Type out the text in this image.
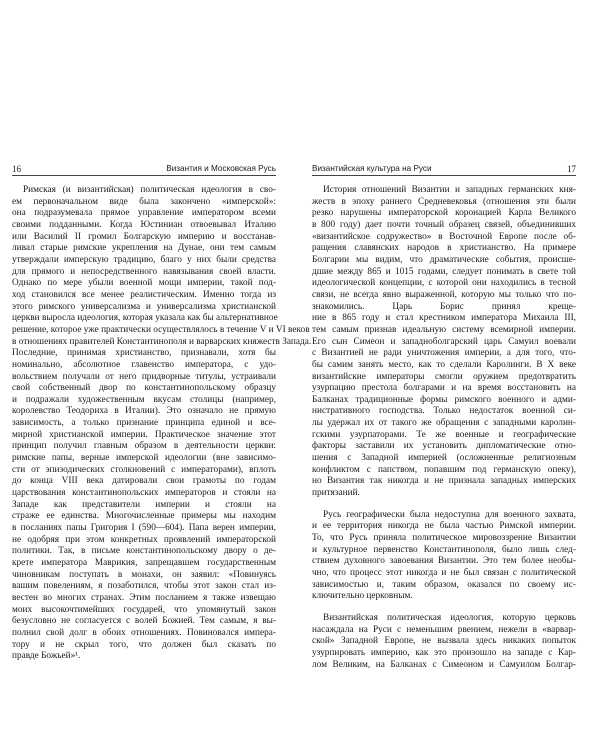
16	Византия и Московская Русь
Римская (и византийская) политическая идеология в сво-
ем первоначальном виде была закончено «имперской»:
она подразумевала прямое управление императором всеми
своими подданными. Когда Юстиниан отвоевывал Италию
или Василий II громил Болгарскую империю и восстанав-
ливал старые римские укрепления на Дунае, они тем самым
утверждали имперскую традицию, благо у них были средства
для прямого и непосредственного навязывания своей власти.
Однако по мере убыли военной мощи империи, такой под-
ход становился все менее реалистическим. Именно тогда из
этого римского универсализма и универсализма христианской
церкви выросла идеология, которая указала как бы альтернативное
решение, которое уже практически осуществлялось в течение V и VI веков
в отношениях правителей Константинополя и варварских княжеств Запада.
Последние, принимая христианство, признавали, хотя бы
номинально, абсолютное главенство императора, с удо-
вольствием получали от него придворные титулы, устраивали
свой собственный двор по константинопольскому образцу
и подражали художественным вкусам столицы (например,
королевство Теодориха в Италии). Это означало не прямую
зависимость, а только признание принципа единой и все-
мирной христианской империи. Практическое значение этот
принцип получил главным образом в деятельности церкви:
римские папы, верные имперской идеологии (вне зависимо-
сти от эпизодических столкновений с императорами), вплоть
до конца VIII века датировали свои грамоты по годам
царствования константинопольских императоров и стояли на
Западе как представители империи и стояли на
страже ее единства. Многочисленные примеры мы находим
в посланиях папы Григория I (590—604). Папа верен империи,
не одобряя при этом конкретных проявлений императорской
политики. Так, в письме константинопольскому двору о де-
крете императора Маврикия, запрещавшем государственным
чиновникам поступать в монахи, он заявил: «Повинуясь
вашим повелениям, я позаботился, чтобы этот закон стал из-
вестен во многих странах. Этим посланием я также извещаю
моих высокочтимейших государей, что упомянутый закон
безусловно не согласуется с волей Божией. Тем самым, я вы-
полнил свой долг в обоих отношениях. Повиновался импера-
тору и не скрыл того, что должен был сказать по
правде Божьей»¹.
Византийская культура на Руси	17
История отношений Византии и западных германских кня-
жеств в эпоху раннего Средневековья (отношения эти были
резко нарушены императорской коронацией Карла Великого
в 800 году) дает почти точный образец связей, объединивших
«византийское содружество» в Восточной Европе после об-
ращения славянских народов в христианство. На примере
Болгарии мы видим, что драматические события, происше-
дшие между 865 и 1015 годами, следует понимать в свете той
идеологической концепции, с которой они находились в тесной
связи, не всегда явно выраженной, которую мы только что по-
знакомились. Царь Борис принял креще-
ние в 865 году и стал крестником императора Михаила III,
тем самым признав идеальную систему всемирной империи.
Его сын Симеон и западноболгарский царь Самуил воевали
с Византией не ради уничтожения империи, а для того, что-
бы самим занять место, как то сделали Каролинги. В X веке
византийские императоры смогли оружием предотвратить
узурпацию престола болгарами и на время восстановить на
Балканах традиционные формы римского военного и адми-
нистративного господства. Только недостаток военной си-
лы удержал их от такого же обращения с западными каролин-
гскими узурпаторами. Те же военные и географические
факторы заставили их установить дипломатические отно-
шения с Западной империей (осложненные религиозным
конфликтом с папством, попавшим под германскую опеку),
но Византия так никогда и не признала западных имперских
притязаний.
Русь географически была недоступна для военного захвата,
и ее территория никогда не была частью Римской империи.
То, что Русь приняла политическое мировоззрение Византии
и культурное первенство Константинополя, было лишь след-
ствием духовного завоевания Византии. Это тем более необы-
чно, что процесс этот никогда и не был связан с политической
зависимостью и, таким образом, оказался по своему ис-
ключительно церковным.
Византийская политическая идеология, которую церковь
насаждала на Руси с неменьшим рвением, нежели в «варвар-
ской» Западной Европе, не вызвала здесь никаких попыток
узурпировать империю, как это произошло на западе с Кар-
лом Великим, на Балканах с Симеоном и Самуилом Болгар-
